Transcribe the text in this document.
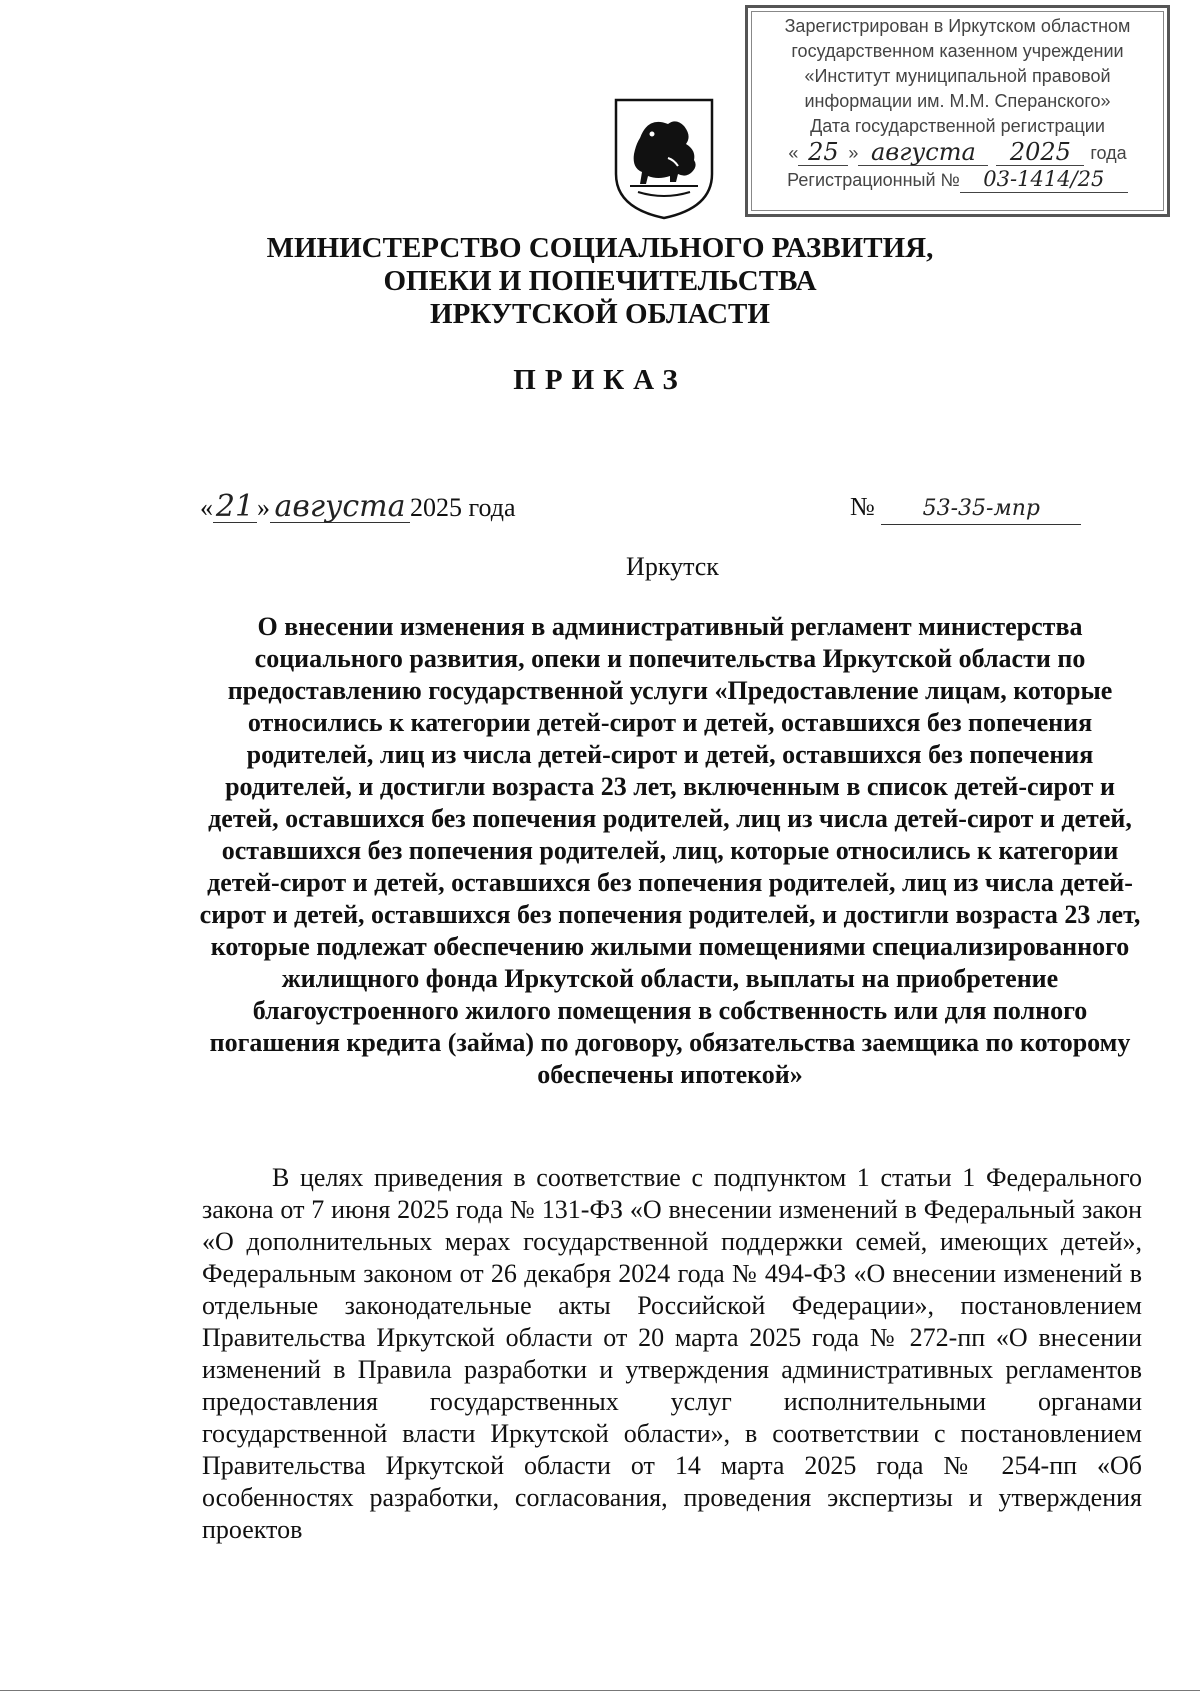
Зарегистрирован в Иркутском областном
государственном казенном учреждении
«Институт муниципальной правовой
информации им. М.М. Сперанского»
Дата государственной регистрации
« 25 » августа	2025	года
Регистрационный №	03-1414/25
МИНИСТЕРСТВО СОЦИАЛЬНОГО РАЗВИТИЯ,
ОПЕКИ И ПОПЕЧИТЕЛЬСТВА
ИРКУТСКОЙ ОБЛАСТИ
ПРИКАЗ
«21 » августа 2025 года	№ 53-35-мпр
Иркутск
О внесении изменения в административный регламент министерства социального развития, опеки и попечительства Иркутской области по предоставлению государственной услуги «Предоставление лицам, которые относились к категории детей-сирот и детей, оставшихся без попечения родителей, лиц из числа детей-сирот и детей, оставшихся без попечения родителей, и достигли возраста 23 лет, включенным в список детей-сирот и детей, оставшихся без попечения родителей, лиц из числа детей-сирот и детей, оставшихся без попечения родителей, лиц, которые относились к категории детей-сирот и детей, оставшихся без попечения родителей, лиц из числа детей-сирот и детей, оставшихся без попечения родителей, и достигли возраста 23 лет, которые подлежат обеспечению жилыми помещениями специализированного жилищного фонда Иркутской области, выплаты на приобретение благоустроенного жилого помещения в собственность или для полного погашения кредита (займа) по договору, обязательства заемщика по которому обеспечены ипотекой»
В целях приведения в соответствие с подпунктом 1 статьи 1 Федерального закона от 7 июня 2025 года № 131-ФЗ «О внесении изменений в Федеральный закон «О дополнительных мерах государственной поддержки семей, имеющих детей», Федеральным законом от 26 декабря 2024 года № 494-ФЗ «О внесении изменений в отдельные законодательные акты Российской Федерации», постановлением Правительства Иркутской области от 20 марта 2025 года № 272-пп «О внесении изменений в Правила разработки и утверждения административных регламентов предоставления государственных услуг исполнительными органами государственной власти Иркутской области», в соответствии с постановлением Правительства Иркутской области от 14 марта 2025 года № 254-пп «Об особенностях разработки, согласования, проведения экспертизы и утверждения проектов
